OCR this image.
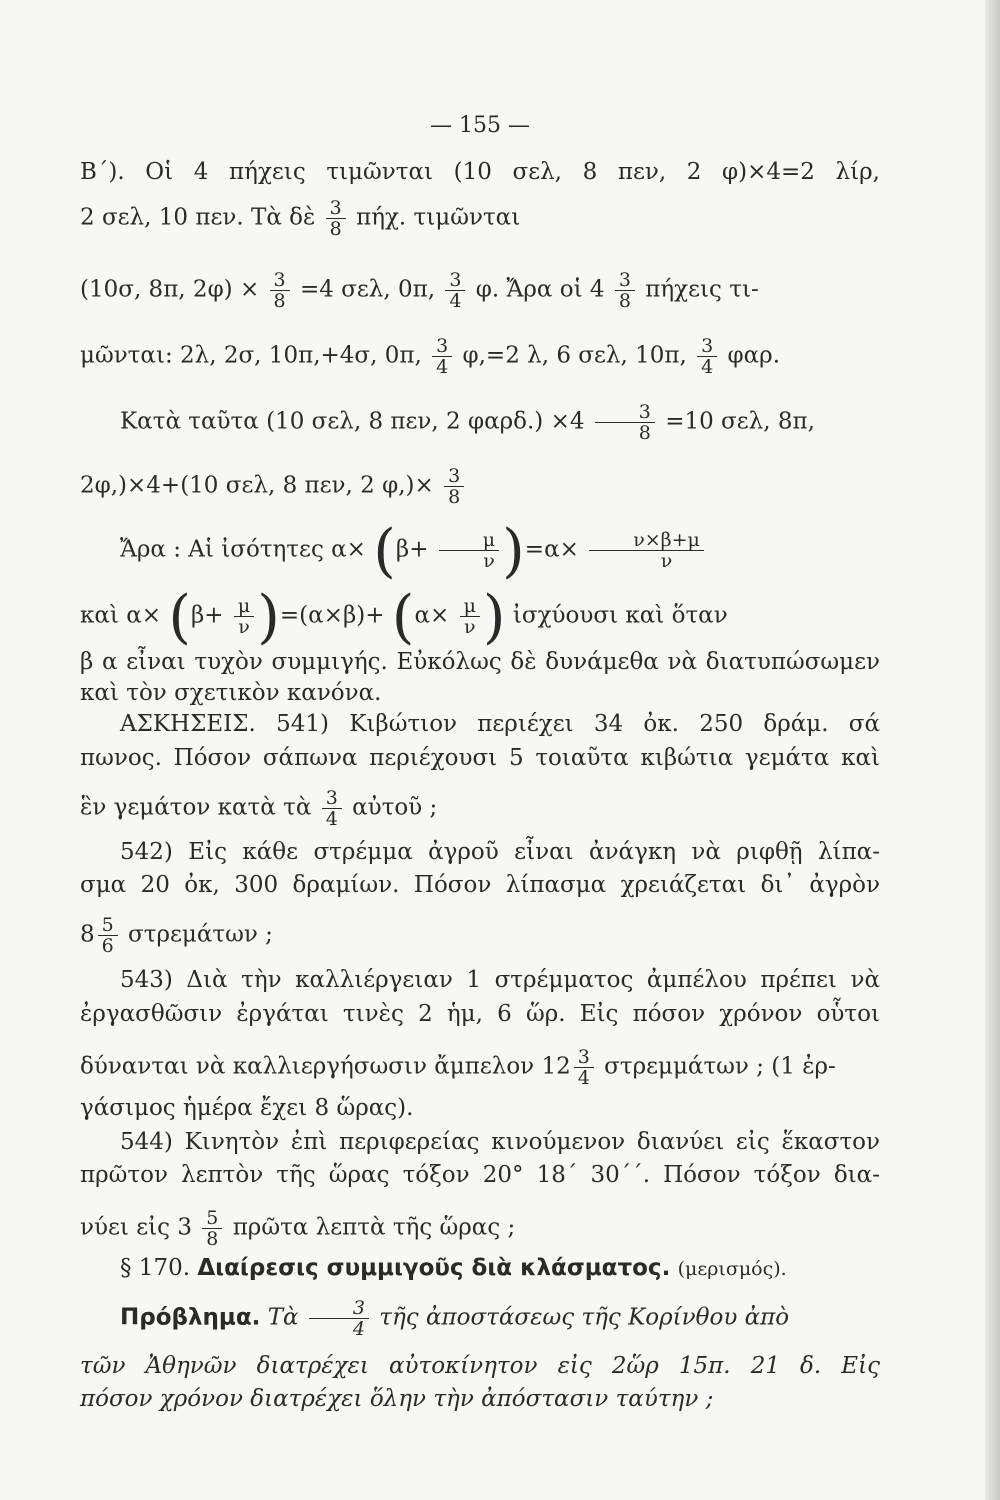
— 155 —
B΄). Οἱ 4 πήχεις τιμῶνται (10 σελ, 8 πεν, 2 φ)×4=2 λίρ,
2 σελ, 10 πεν. Τὰ δὲ $\frac{3}{8} \pi ή\chi$. τιμῶνται
(10σ, 8π, $2\varphi) \times \frac{3}{8} =4$ σελ, 0π, $\frac{3}{4} \varphi$. Ἄρα οἱ $4 \frac{3}{8}$ πήχεις τι-
μῶνται: 2λ, 2σ, 10π,+4σ, 0π, $\frac{3}{4} \varphi,=2$ λ, 6 σελ, 10π, $\frac{3}{4} \varphi\alpha\rho$.
Κατὰ ταῦτα (10 σελ, 8 πεν, 2 $\varphi\alpha\rho\delta.) \times 4 \frac{3}{8} =10$ σελ, 8π,
2φ,)×4+(10 σελ, 8 πεν, 2 $\varphi,)\times \frac{3}{8}$
Ἄρα : Αἱ ἰσότητες $\alpha\times (\beta+ \frac{\mu}{\nu} )=\alpha\times \frac{\nu\times\beta+\mu}{\nu}$
καὶ $\alpha\times (\beta+ \frac{\mu}{\nu} )=(\alpha\times\beta)+ (\alpha\times \frac{\mu}{\nu}$ ) ἰσχύουσι καὶ ὅταν
β α εἶναι τυχὸν συμμιγής. Εὐκόλως δὲ δυνάμεθα νὰ διατυπώσωμεν
καὶ τὸν σχετικὸν κανόνα.
ΑΣΚΗΣΕΙΣ. 541) Κιβώτιον περιέχει 34 ὀκ. 250 δράμ. σά
πωνος. Πόσον σάπωνα περιέχουσι 5 τοιαῦτα κιβώτια γεμάτα καὶ
ἓν γεμάτον κατὰ τὰ $\frac{3}{4}$ αὐτοῦ ;
542) Εἰς κάθε στρέμμα ἀγροῦ εἶναι ἀνάγκη νὰ ριφθῇ λίπα-
σμα 20 ὀκ, 300 δραμίων. Πόσον λίπασμα χρειάζεται δι᾽ ἀγρὸν
$8 \frac{5}{6}$ στρεμάτων ;
543) Διὰ τὴν καλλιέργειαν 1 στρέμματος ἀμπέλου πρέπει νὰ
ἐργασθῶσιν ἐργάται τινὲς 2 ἡμ, 6 ὥρ. Εἰς πόσον χρόνον οὗτοι
δύνανται νὰ καλλιεργήσωσιν ἄμπελον $12 \frac{3}{4}$ στρεμμάτων ; (1 ἐρ-
γάσιμος ἡμέρα ἔχει 8 ὥρας).
544) Κινητὸν ἐπὶ περιφερείας κινούμενον διανύει εἰς ἕκαστον
πρῶτον λεπτὸν τῆς ὥρας τόξον 20° 18΄ 30΄΄. Πόσον τόξον δια-
νύει εἰς $3 \frac{5}{8}$ πρῶτα λεπτὰ τῆς ὥρας ;
§ 170. Διαίρεσις συμμιγοῦς διὰ κλάσματος. (μερισμός).
Πρόβλημα. Τὰ $\frac{3}{4}$ τῆς ἀποστάσεως τῆς Κορίνθου ἀπὸ
τῶν Ἀθηνῶν διατρέχει αὐτοκίνητον εἰς 2ὥρ 15π. 21 δ. Εἰς
πόσον χρόνον διατρέχει ὅλην τὴν ἀπόστασιν ταύτην ;
